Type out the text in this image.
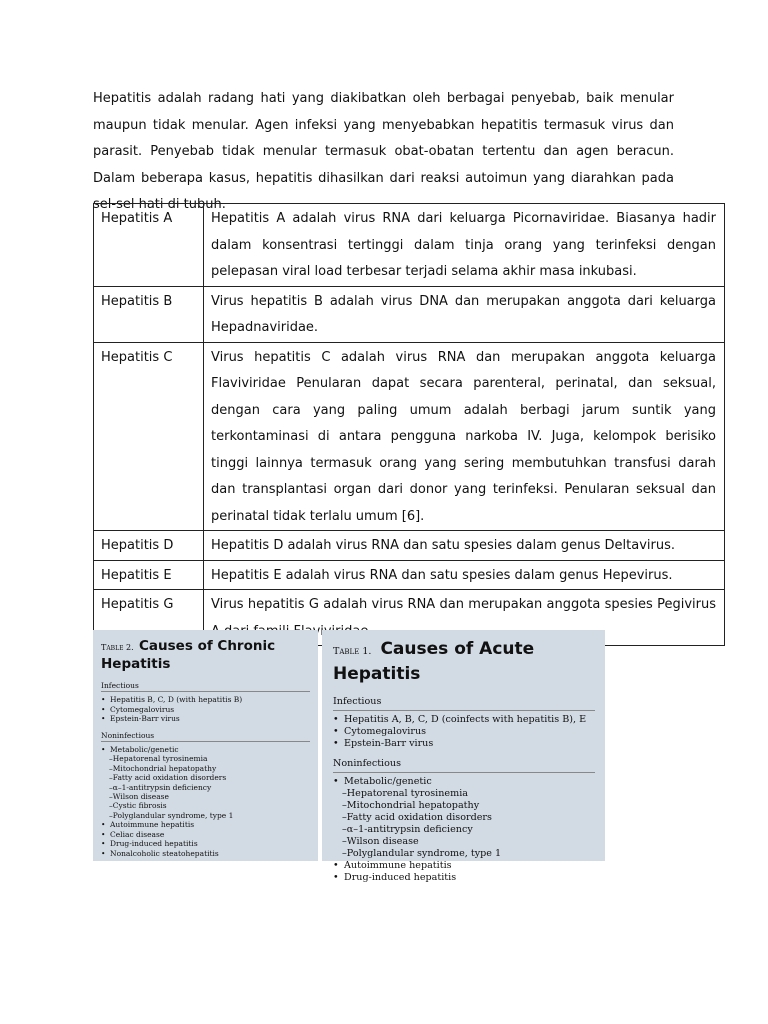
Hepatitis adalah radang hati yang diakibatkan oleh berbagai penyebab, baik menular maupun tidak menular. Agen infeksi yang menyebabkan hepatitis termasuk virus dan parasit. Penyebab tidak menular termasuk obat-obatan tertentu dan agen beracun. Dalam beberapa kasus, hepatitis dihasilkan dari reaksi autoimun yang diarahkan pada sel-sel hati di tubuh.

Hepatitis A	Hepatitis A adalah virus RNA dari keluarga Picornaviridae. Biasanya hadir dalam konsentrasi tertinggi dalam tinja orang yang terinfeksi dengan pelepasan viral load terbesar terjadi selama akhir masa inkubasi.
Hepatitis B	Virus hepatitis B adalah virus DNA dan merupakan anggota dari keluarga Hepadnaviridae.
Hepatitis C	Virus hepatitis C adalah virus RNA dan merupakan anggota keluarga Flaviviridae Penularan dapat secara parenteral, perinatal, dan seksual, dengan cara yang paling umum adalah berbagi jarum suntik yang terkontaminasi di antara pengguna narkoba IV. Juga, kelompok berisiko tinggi lainnya termasuk orang yang sering membutuhkan transfusi darah dan transplantasi organ dari donor yang terinfeksi. Penularan seksual dan perinatal tidak terlalu umum [6].
Hepatitis D	Hepatitis D adalah virus RNA dan satu spesies dalam genus Deltavirus.
Hepatitis E	Hepatitis E adalah virus RNA dan satu spesies dalam genus Hepevirus.
Hepatitis G	Virus hepatitis G adalah virus RNA dan merupakan anggota spesies Pegivirus
Table 2. Causes of Chronic
Hepatitis
Infectious
• Hepatitis B, C, D (with hepatitis B)
• Cytomegalovirus
• Epstein-Barr virus
Noninfectious
• Metabolic/genetic
–Hepatorenal tyrosinemia
–Mitochondrial hepatopathy
–Fatty acid oxidation disorders
–α–1-antitrypsin deficiency
–Wilson disease
–Cystic fibrosis
–Polyglandular syndrome, type 1
• Autoimmune hepatitis
• Celiac disease
• Drug-induced hepatitis
• Nonalcoholic steatohepatitis
Table 1. Causes of Acute Hepatitis
Infectious
• Hepatitis A, B, C, D (coinfects with hepatitis B), E
• Cytomegalovirus
• Epstein-Barr virus
Noninfectious
• Metabolic/genetic
–Hepatorenal tyrosinemia
–Mitochondrial hepatopathy
–Fatty acid oxidation disorders
–α–1-antitrypsin deficiency
–Wilson disease
–Polyglandular syndrome, type 1
• Autoimmune hepatitis
• Drug-induced hepatitis
